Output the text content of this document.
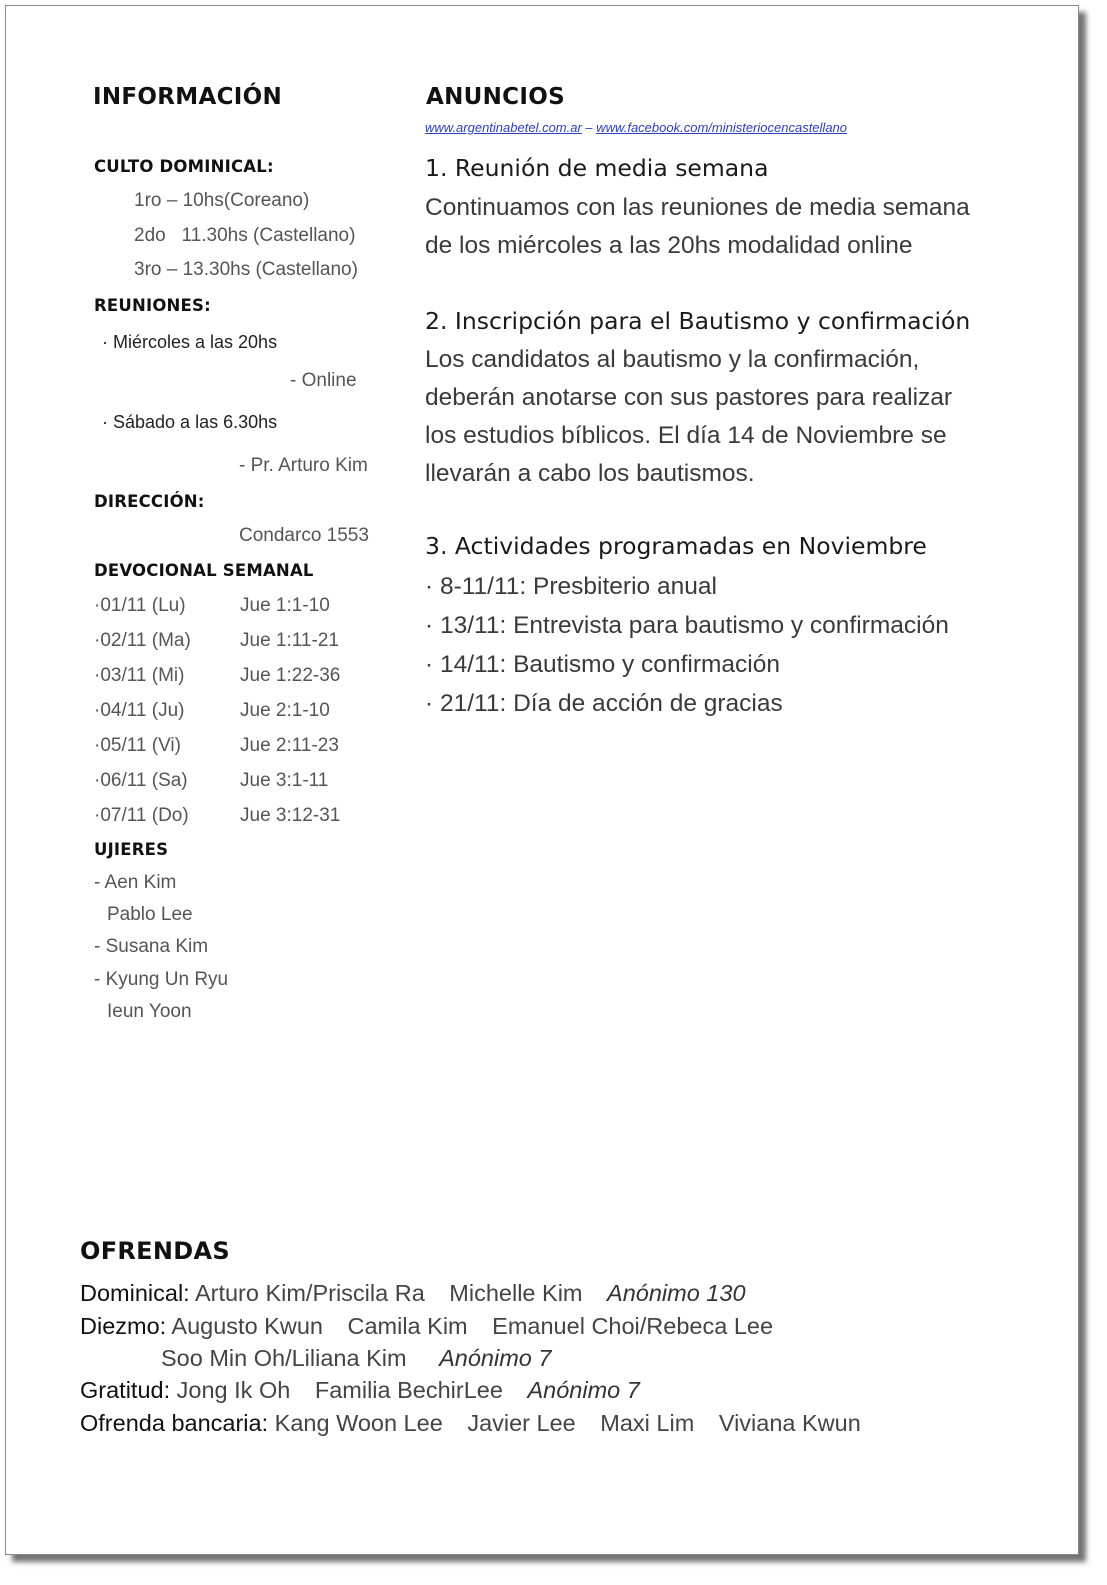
INFORMACIÓN
CULTO DOMINICAL:
1ro – 10hs(Coreano)
2do   11.30hs (Castellano)
3ro – 13.30hs (Castellano)
REUNIONES:
· Miércoles a las 20hs
- Online
· Sábado a las 6.30hs
- Pr. Arturo Kim
DIRECCIÓN:
Condarco 1553
DEVOCIONAL SEMANAL
·01/11 (Lu)	Jue 1:1-10
·02/11 (Ma)	Jue 1:11-21
·03/11 (Mi)	Jue 1:22-36
·04/11 (Ju)	Jue 2:1-10
·05/11 (Vi)	Jue 2:11-23
·06/11 (Sa)	Jue 3:1-11
·07/11 (Do)	Jue 3:12-31
UJIERES
- Aen Kim
Pablo Lee
- Susana Kim
- Kyung Un Ryu
Ieun Yoon
ANUNCIOS
www.argentinabetel.com.ar – www.facebook.com/ministeriocencastellano
1. Reunión de media semana
Continuamos con las reuniones de media semana
de los miércoles a las 20hs modalidad online
2. Inscripción para el Bautismo y confirmación
Los candidatos al bautismo y la confirmación,
deberán anotarse con sus pastores para realizar
los estudios bíblicos. El día 14 de Noviembre se
llevarán a cabo los bautismos.
3. Actividades programadas en Noviembre
· 8-11/11: Presbiterio anual
· 13/11: Entrevista para bautismo y confirmación
· 14/11: Bautismo y confirmación
· 21/11: Día de acción de gracias
OFRENDAS
Dominical: Arturo Kim/Priscila Ra Michelle Kim Anónimo 130
Diezmo: Augusto Kwun Camila Kim Emanuel Choi/Rebeca Lee
Soo Min Oh/Liliana Kim Anónimo 7
Gratitud: Jong Ik Oh Familia BechirLee Anónimo 7
Ofrenda bancaria: Kang Woon Lee Javier Lee Maxi Lim Viviana Kwun
